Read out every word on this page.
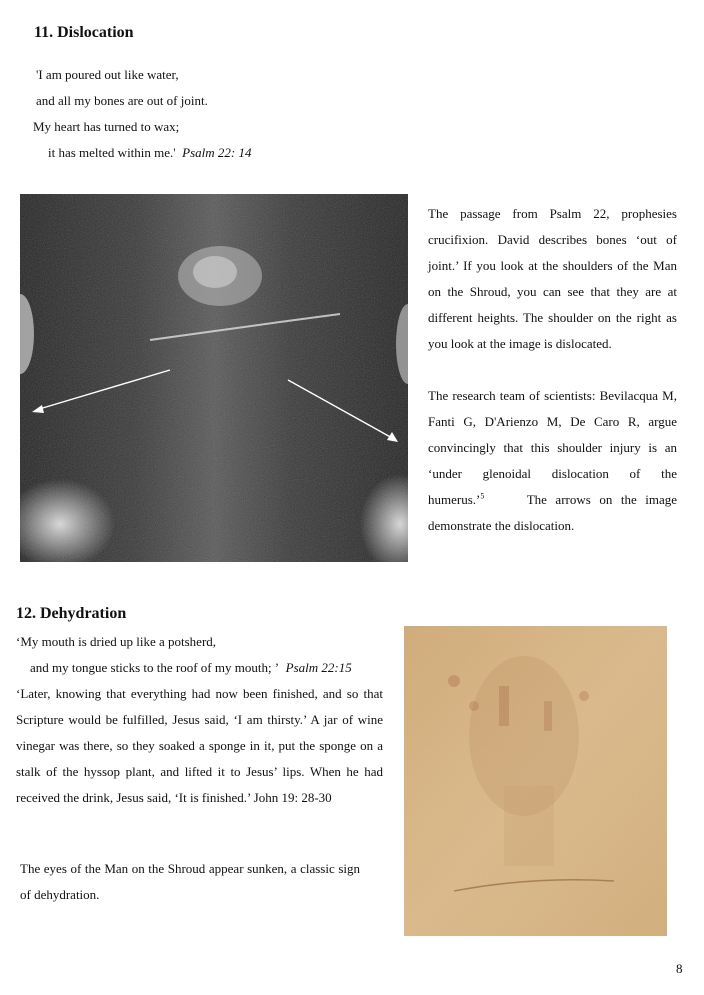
11. Dislocation
'I am poured out like water,
and all my bones are out of joint.
My heart has turned to wax;
it has melted within me.' Psalm 22: 14

The passage from Psalm 22, prophesies crucifixion. David describes bones ‘out of joint.’ If you look at the shoulders of the Man on the Shroud, you can see that they are at different heights. The shoulder on the right as you look at the image is dislocated.

The research team of scientists: Bevilacqua M, Fanti G, D'Arienzo M, De Caro R, argue convincingly that this shoulder injury is an ‘under glenoidal dislocation of the humerus.’$^5$	The arrows on the image demonstrate the dislocation.

12. Dehydration
‘My mouth is dried up like a potsherd,
and my tongue sticks to the roof of my mouth; ’ Psalm 22:15
‘Later, knowing that everything had now been finished, and so that Scripture would be fulfilled, Jesus said, ‘I am thirsty.’ A jar of wine vinegar was there, so they soaked a sponge in it, put the sponge on a stalk of the hyssop plant, and lifted it to Jesus’ lips. When he had received the drink, Jesus said, ‘It is finished.’ John 19: 28-30
The eyes of the Man on the Shroud appear sunken, a classic sign of dehydration.
8
